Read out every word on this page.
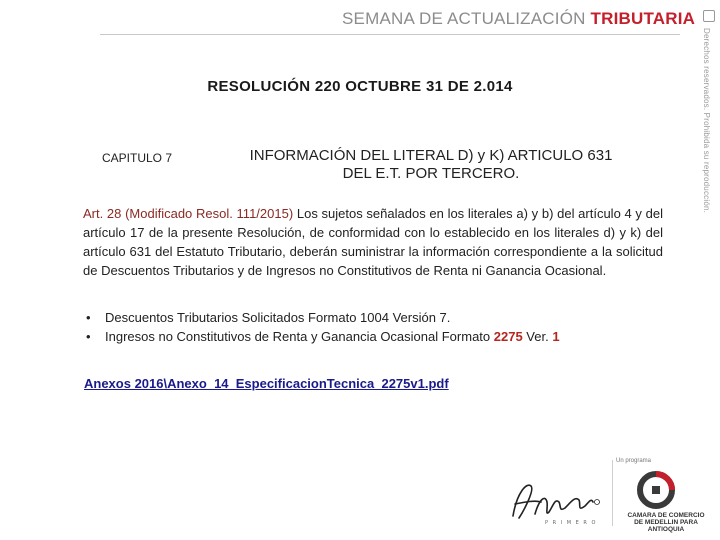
SEMANA DE ACTUALIZACIÓN TRIBUTARIA
Derechos reservados. Prohibida su reproducción.
RESOLUCIÓN 220 OCTUBRE 31 DE 2.014
CAPITULO 7	INFORMACIÓN DEL LITERAL D) y K) ARTICULO 631
DEL E.T. POR TERCERO.
Art. 28 (Modificado Resol. 111/2015) Los sujetos señalados en los literales a) y b) del artículo 4 y del artículo 17 de la presente Resolución, de conformidad con lo establecido en los literales d) y k) del artículo 631 del Estatuto Tributario, deberán suministrar la información correspondiente a la solicitud de Descuentos Tributarios y de Ingresos no Constitutivos de Renta ni Ganancia Ocasional.
• Descuentos Tributarios Solicitados Formato 1004 Versión 7.
• Ingresos no Constitutivos de Renta y Ganancia Ocasional Formato 2275 Ver. 1
Anexos 2016\Anexo_14_EspecificacionTecnica_2275v1.pdf
P R I M E R O
Un programa
CAMARA DE COMERCIO
DE MEDELLIN PARA ANTIOQUIA
